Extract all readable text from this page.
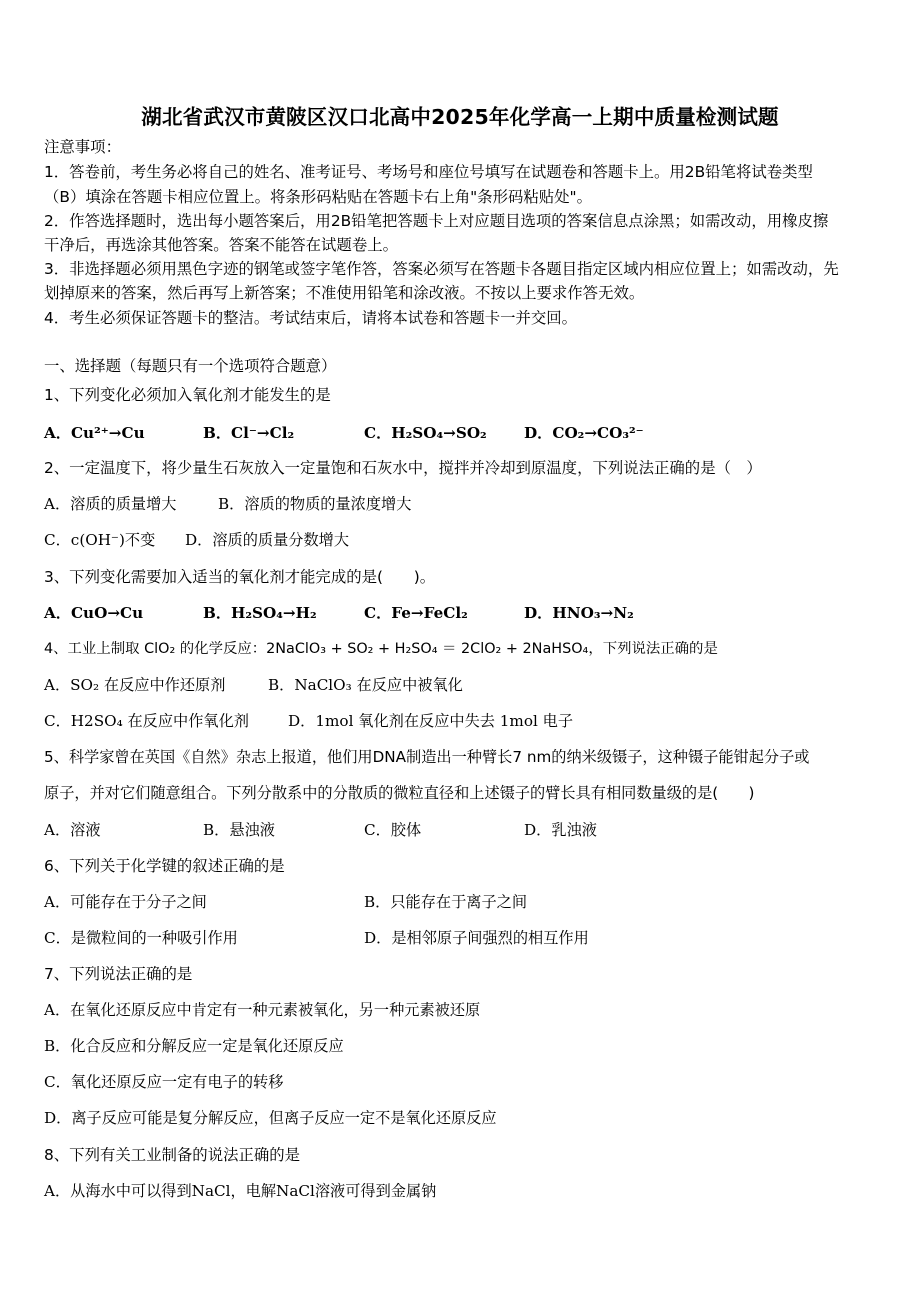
湖北省武汉市黄陂区汉口北高中2025年化学高一上期中质量检测试题
注意事项：
1．答卷前，考生务必将自己的姓名、准考证号、考场号和座位号填写在试题卷和答题卡上。用2B铅笔将试卷类型
（B）填涂在答题卡相应位置上。将条形码粘贴在答题卡右上角"条形码粘贴处"。
2．作答选择题时，选出每小题答案后，用2B铅笔把答题卡上对应题目选项的答案信息点涂黑；如需改动，用橡皮擦
干净后，再选涂其他答案。答案不能答在试题卷上。
3．非选择题必须用黑色字迹的钢笔或签字笔作答，答案必须写在答题卡各题目指定区域内相应位置上；如需改动，先
划掉原来的答案，然后再写上新答案；不准使用铅笔和涂改液。不按以上要求作答无效。
4．考生必须保证答题卡的整洁。考试结束后，请将本试卷和答题卡一并交回。
一、选择题（每题只有一个选项符合题意）
1、下列变化必须加入氧化剂才能发生的是
A．Cu²⁺→Cu	B．Cl⁻→Cl₂	C．H₂SO₄→SO₂ D．CO₂→CO₃²⁻
2、一定温度下，将少量生石灰放入一定量饱和石灰水中，搅拌并冷却到原温度，下列说法正确的是（　）
A．溶质的质量增大	B．溶质的物质的量浓度增大
C．c(OH⁻)不变 D．溶质的质量分数增大
3、下列变化需要加入适当的氧化剂才能完成的是(　　)。
A．CuO→Cu	B．H₂SO₄→H₂	C．Fe→FeCl₂	D．HNO₃→N₂
4、工业上制取 ClO₂ 的化学反应：2NaClO₃ + SO₂ + H₂SO₄ ＝ 2ClO₂ + 2NaHSO₄，下列说法正确的是
A．SO₂ 在反应中作还原剂	B．NaClO₃ 在反应中被氧化
C．H2SO₄ 在反应中作氧化剂	D．1mol 氧化剂在反应中失去 1mol 电子
5、科学家曾在英国《自然》杂志上报道，他们用DNA制造出一种臂长7 nm的纳米级镊子，这种镊子能钳起分子或
原子，并对它们随意组合。下列分散系中的分散质的微粒直径和上述镊子的臂长具有相同数量级的是(　　)
A．溶液	B．悬浊液	C．胶体	D．乳浊液
6、下列关于化学键的叙述正确的是
A．可能存在于分子之间	B．只能存在于离子之间
C．是微粒间的一种吸引作用	D．是相邻原子间强烈的相互作用
7、下列说法正确的是
A．在氧化还原反应中肯定有一种元素被氧化，另一种元素被还原
B．化合反应和分解反应一定是氧化还原反应
C．氧化还原反应一定有电子的转移
D．离子反应可能是复分解反应，但离子反应一定不是氧化还原反应
8、下列有关工业制备的说法正确的是
A．从海水中可以得到NaCl，电解NaCl溶液可得到金属钠
